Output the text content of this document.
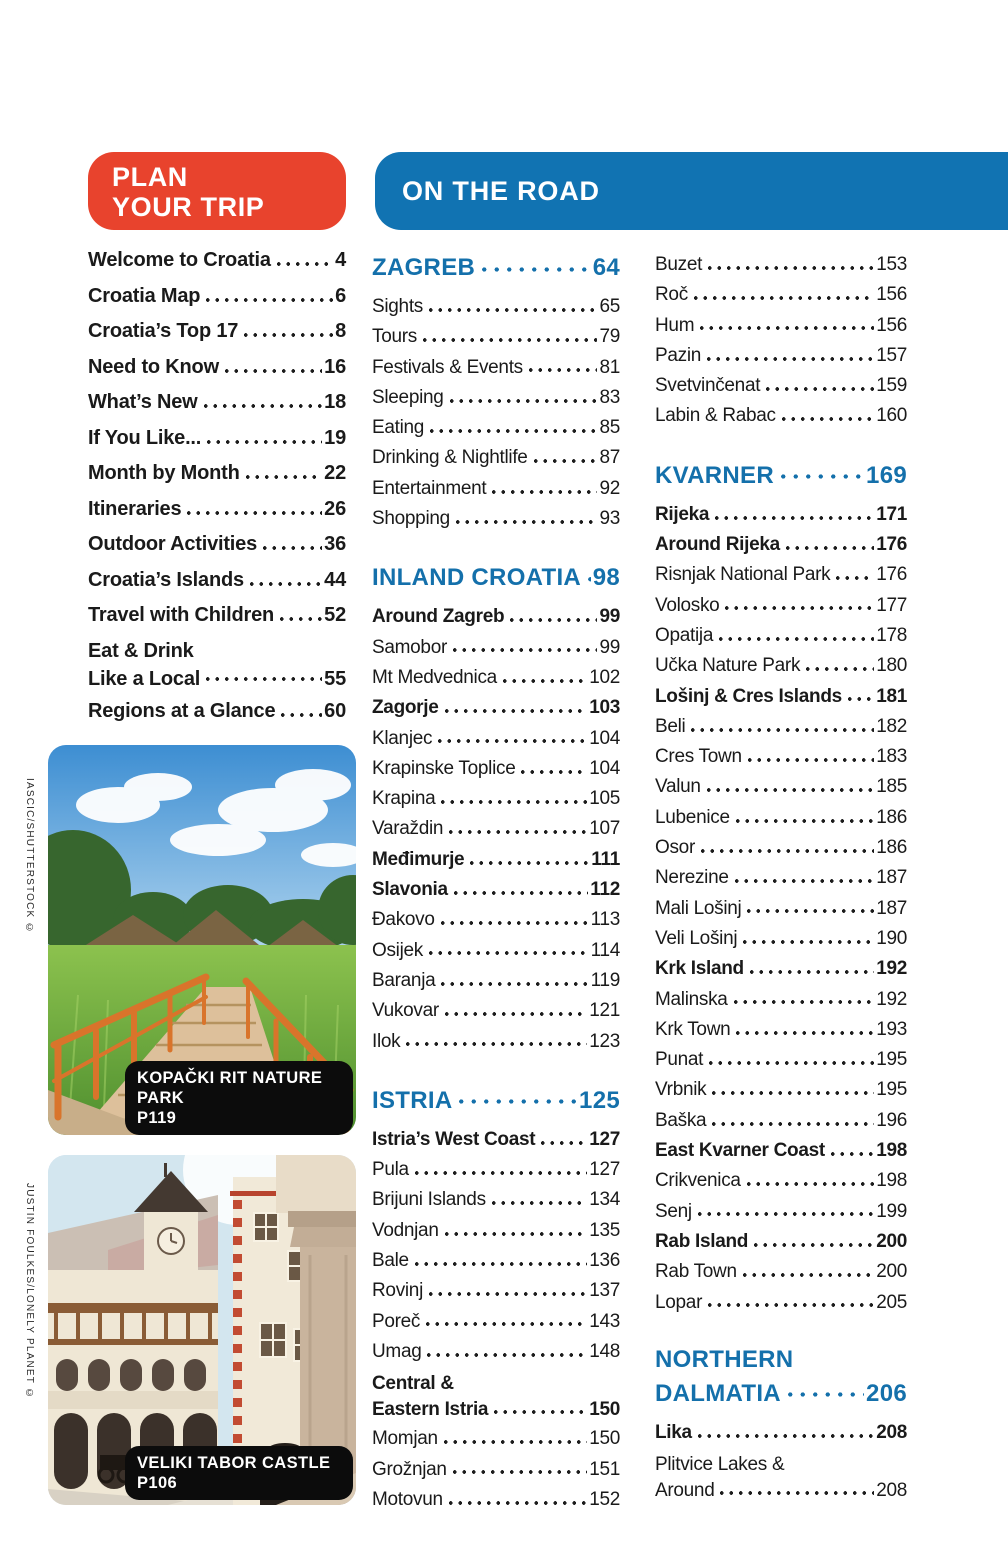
PLAN
YOUR TRIP
ON THE ROAD
Welcome to Croatia	4
Croatia Map	6
Croatia’s Top 17	8
Need to Know	16
What’s New	18
If You Like...	19
Month by Month	22
Itineraries	26
Outdoor Activities	36
Croatia’s Islands	44
Travel with Children	52
Eat & Drink
Like a Local	55
Regions at a Glance 60
ZAGREB	64
Sights	65
Tours	79
Festivals & Events	81
Sleeping	83
Eating	85
Drinking & Nightlife	87
Entertainment	92
Shopping	93
INLAND CROATIA 98
Around Zagreb	99
Samobor	99
Mt Medvednica	102
Zagorje	103
Klanjec	104
Krapinske Toplice	104
Krapina	105
Varaždin	107
Međimurje	111
Slavonia	112
Đakovo	113
Osijek	114
Baranja	119
Vukovar	121
Ilok	123
ISTRIA	125
Istria’s West Coast	127
Pula	127
Brijuni Islands	134
Vodnjan	135
Bale	136
Rovinj	137
Poreč	143
Umag	148
Central &
Eastern Istria	150
Momjan	150
Grožnjan	151
Motovun	152
Buzet	153
Roč	156
Hum	156
Pazin	157
Svetvinčenat	159
Labin & Rabac	160
KVARNER	169
Rijeka	171
Around Rijeka	176
Risnjak National Park 176
Volosko	177
Opatija	178
Učka Nature Park	180
Lošinj & Cres Islands 181
Beli	182
Cres Town	183
Valun	185
Lubenice	186
Osor	186
Nerezine	187
Mali Lošinj	187
Veli Lošinj	190
Krk Island	192
Malinska	192
Krk Town	193
Punat	195
Vrbnik	195
Baška	196
East Kvarner Coast	198
Crikvenica	198
Senj	199
Rab Island	200
Rab Town	200
Lopar	205
NORTHERN
DALMATIA	206
Lika	208
Plitvice Lakes &
Around	208
IASCIC/SHUTTERSTOCK ©
KOPAČKI RIT NATURE PARK
P119
JUSTIN FOULKES/LONELY PLANET ©
VELIKI TABOR CASTLE P106
